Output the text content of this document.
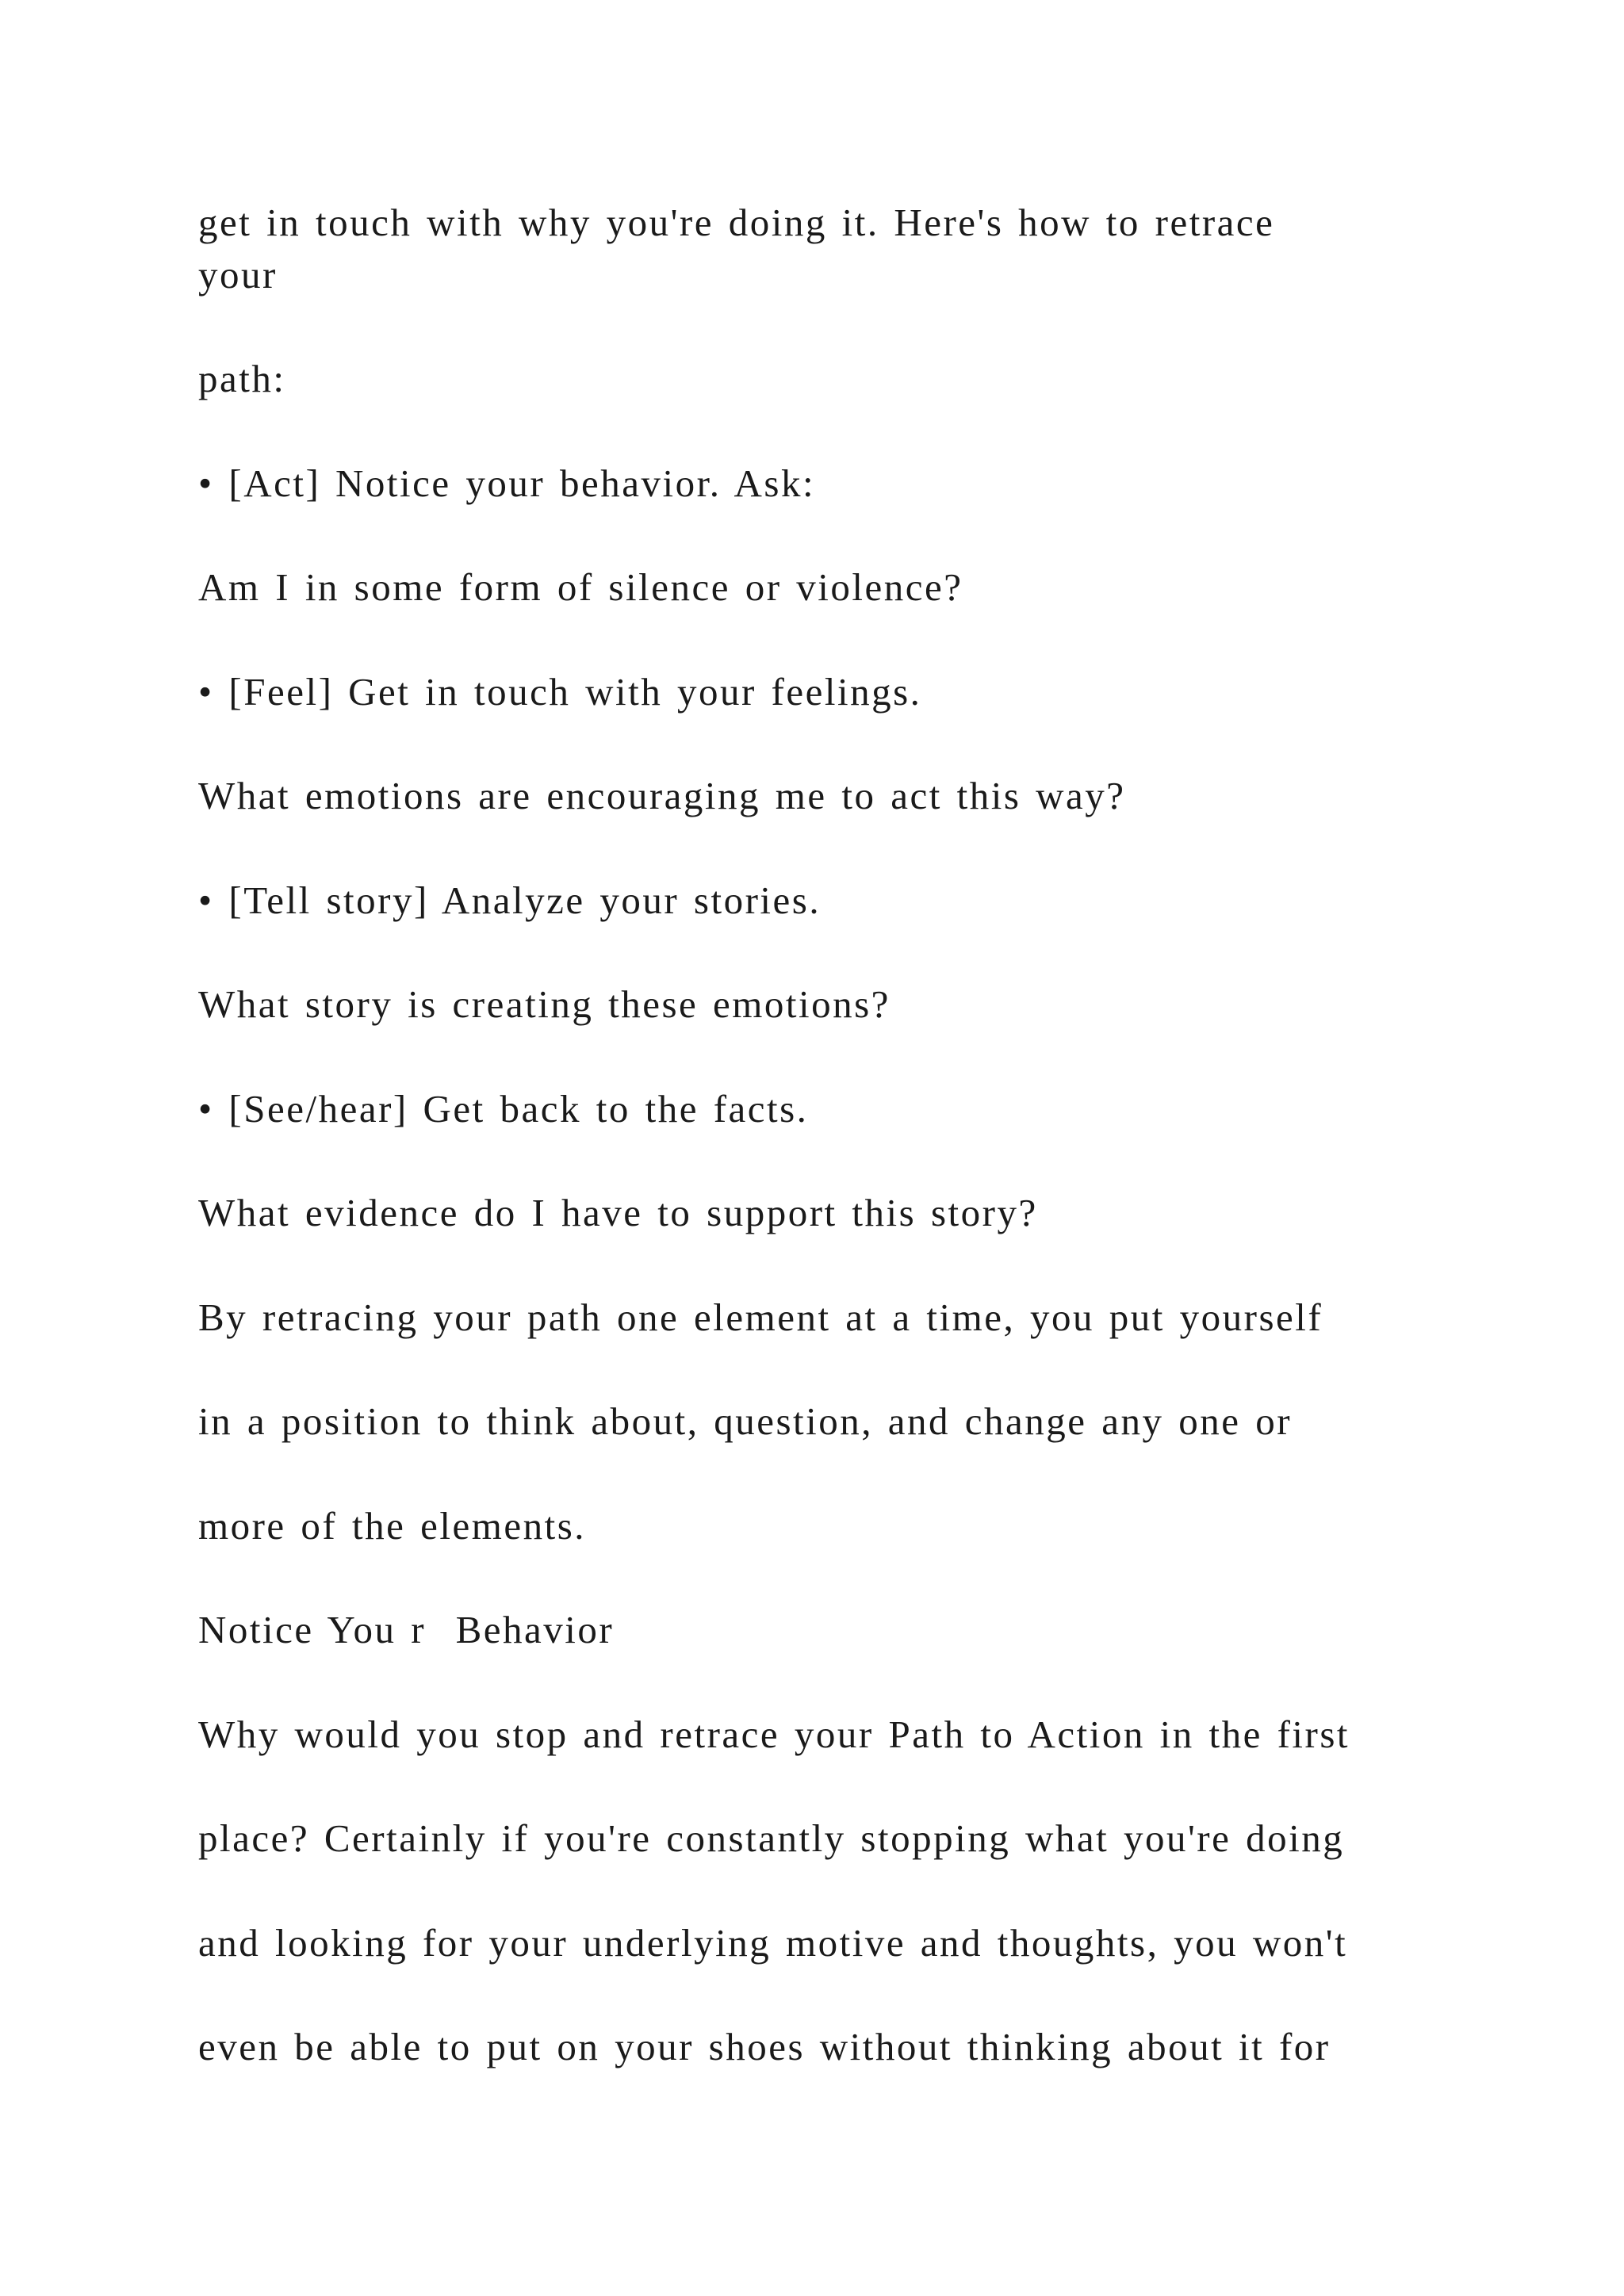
get in touch with why you're doing it. Here's how to retrace
your
path:
• [Act] Notice your behavior. Ask:
Am I in some form of silence or violence?
• [Feel] Get in touch with your feelings.
What emotions are encouraging me to act this way?
• [Tell story] Analyze your stories.
What story is creating these emotions?
• [See/hear] Get back to the facts.
What evidence do I have to support this story?
By retracing your path one element at a time, you put yourself
in a position to think about, question, and change any one or
more of the elements.
Notice You r  Behavior
Why would you stop and retrace your Path to Action in the first
place? Certainly if you're constantly stopping what you're doing
and looking for your underlying motive and thoughts, you won't
even be able to put on your shoes without thinking about it for
